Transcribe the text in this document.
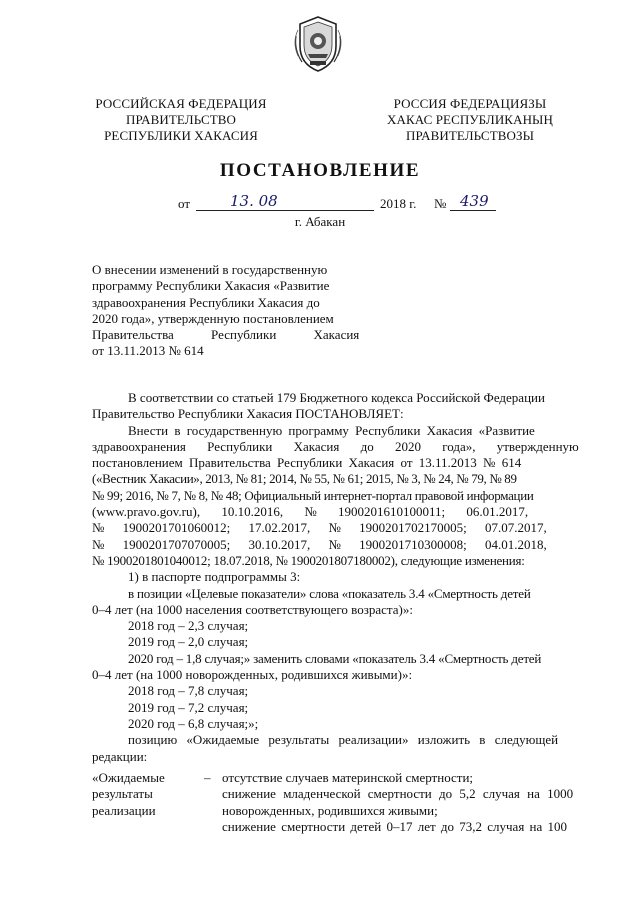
РОССИЙСКАЯ ФЕДЕРАЦИЯ
ПРАВИТЕЛЬСТВО
РЕСПУБЛИКИ ХАКАСИЯ
РОССИЯ ФЕДЕРАЦИЯЗЫ
ХАКАС РЕСПУБЛИКАНЫҢ
ПРАВИТЕЛЬСТВОЗЫ
ПОСТАНОВЛЕНИЕ
от	13. 08	2018 г. № 439
г. Абакан
О внесении изменений в государственную
программу Республики Хакасия «Развитие
здравоохранения Республики Хакасия до
2020 года», утвержденную постановлением
Правительства Республики Хакасия
от 13.11.2013 № 614
В соответствии со статьей 179 Бюджетного кодекса Российской Федерации
Правительство Республики Хакасия ПОСТАНОВЛЯЕТ:
Внести в государственную программу Республики Хакасия «Развитие
здравоохранения Республики Хакасия до 2020 года», утвержденную
постановлением Правительства Республики Хакасия от 13.11.2013 № 614
(«Вестник Хакасии», 2013, № 81; 2014, № 55, № 61; 2015, № 3, № 24, № 79, № 89
№ 99; 2016, № 7, № 8, № 48; Официальный интернет-портал правовой информации
(www.pravo.gov.ru), 10.10.2016, № 1900201610100011; 06.01.2017,
№ 1900201701060012; 17.02.2017, № 1900201702170005; 07.07.2017,
№ 1900201707070005; 30.10.2017, № 1900201710300008; 04.01.2018,
№ 1900201801040012; 18.07.2018, № 1900201807180002), следующие изменения:
1) в паспорте подпрограммы 3:
в позиции «Целевые показатели» слова «показатель 3.4 «Смертность детей
0–4 лет (на 1000 населения соответствующего возраста)»:
2018 год – 2,3 случая;
2019 год – 2,0 случая;
2020 год – 1,8 случая;» заменить словами «показатель 3.4 «Смертность детей
0–4 лет (на 1000 новорожденных, родившихся живыми)»:
2018 год – 7,8 случая;
2019 год – 7,2 случая;
2020 год – 6,8 случая;»;
позицию «Ожидаемые результаты реализации» изложить в следующей
редакции:
«Ожидаемые
результаты
реализации
– отсутствие случаев материнской смертности;
снижение младенческой смертности до 5,2 случая на 1000
новорожденных, родившихся живыми;
снижение смертности детей 0–17 лет до 73,2 случая на 100
